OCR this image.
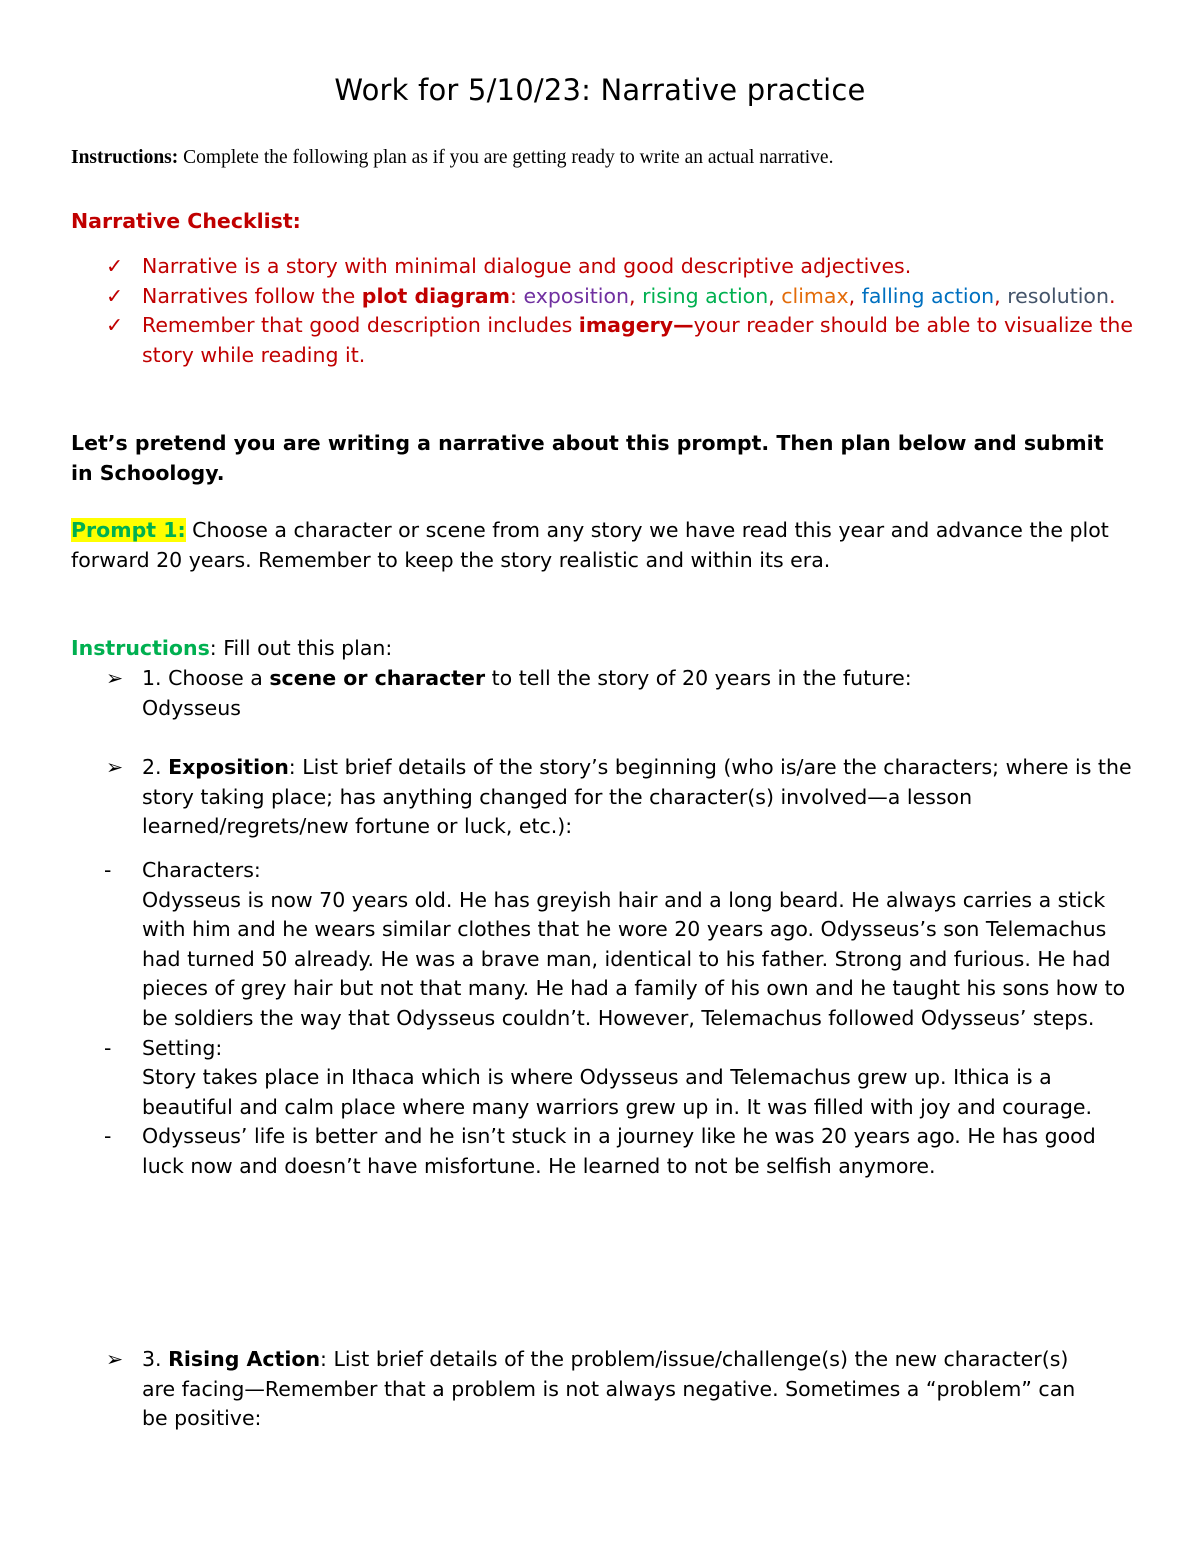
Work for 5/10/23: Narrative practice
Instructions: Complete the following plan as if you are getting ready to write an actual narrative.
Narrative Checklist:
✓ Narrative is a story with minimal dialogue and good descriptive adjectives.
✓ Narratives follow the plot diagram: exposition, rising action, climax, falling action, resolution.
✓ Remember that good description includes imagery—your reader should be able to visualize the story while reading it.
Let’s pretend you are writing a narrative about this prompt. Then plan below and submit in Schoology.
Prompt 1: Choose a character or scene from any story we have read this year and advance the plot forward 20 years. Remember to keep the story realistic and within its era.
Instructions: Fill out this plan:
➢ 1. Choose a scene or character to tell the story of 20 years in the future:
Odysseus
➢ 2. Exposition: List brief details of the story’s beginning (who is/are the characters; where is the story taking place; has anything changed for the character(s) involved—a lesson learned/regrets/new fortune or luck, etc.):
-	Characters:
Odysseus is now 70 years old. He has greyish hair and a long beard. He always carries a stick with him and he wears similar clothes that he wore 20 years ago. Odysseus’s son Telemachus had turned 50 already. He was a brave man, identical to his father. Strong and furious. He had pieces of grey hair but not that many. He had a family of his own and he taught his sons how to be soldiers the way that Odysseus couldn’t. However, Telemachus followed Odysseus’ steps.
-	Setting:
Story takes place in Ithaca which is where Odysseus and Telemachus grew up. Ithica is a beautiful and calm place where many warriors grew up in. It was filled with joy and courage.
-	Odysseus’ life is better and he isn’t stuck in a journey like he was 20 years ago. He has good luck now and doesn’t have misfortune. He learned to not be selfish anymore.
➢ 3. Rising Action: List brief details of the problem/issue/challenge(s) the new character(s) are facing—Remember that a problem is not always negative. Sometimes a “problem” can be positive:
